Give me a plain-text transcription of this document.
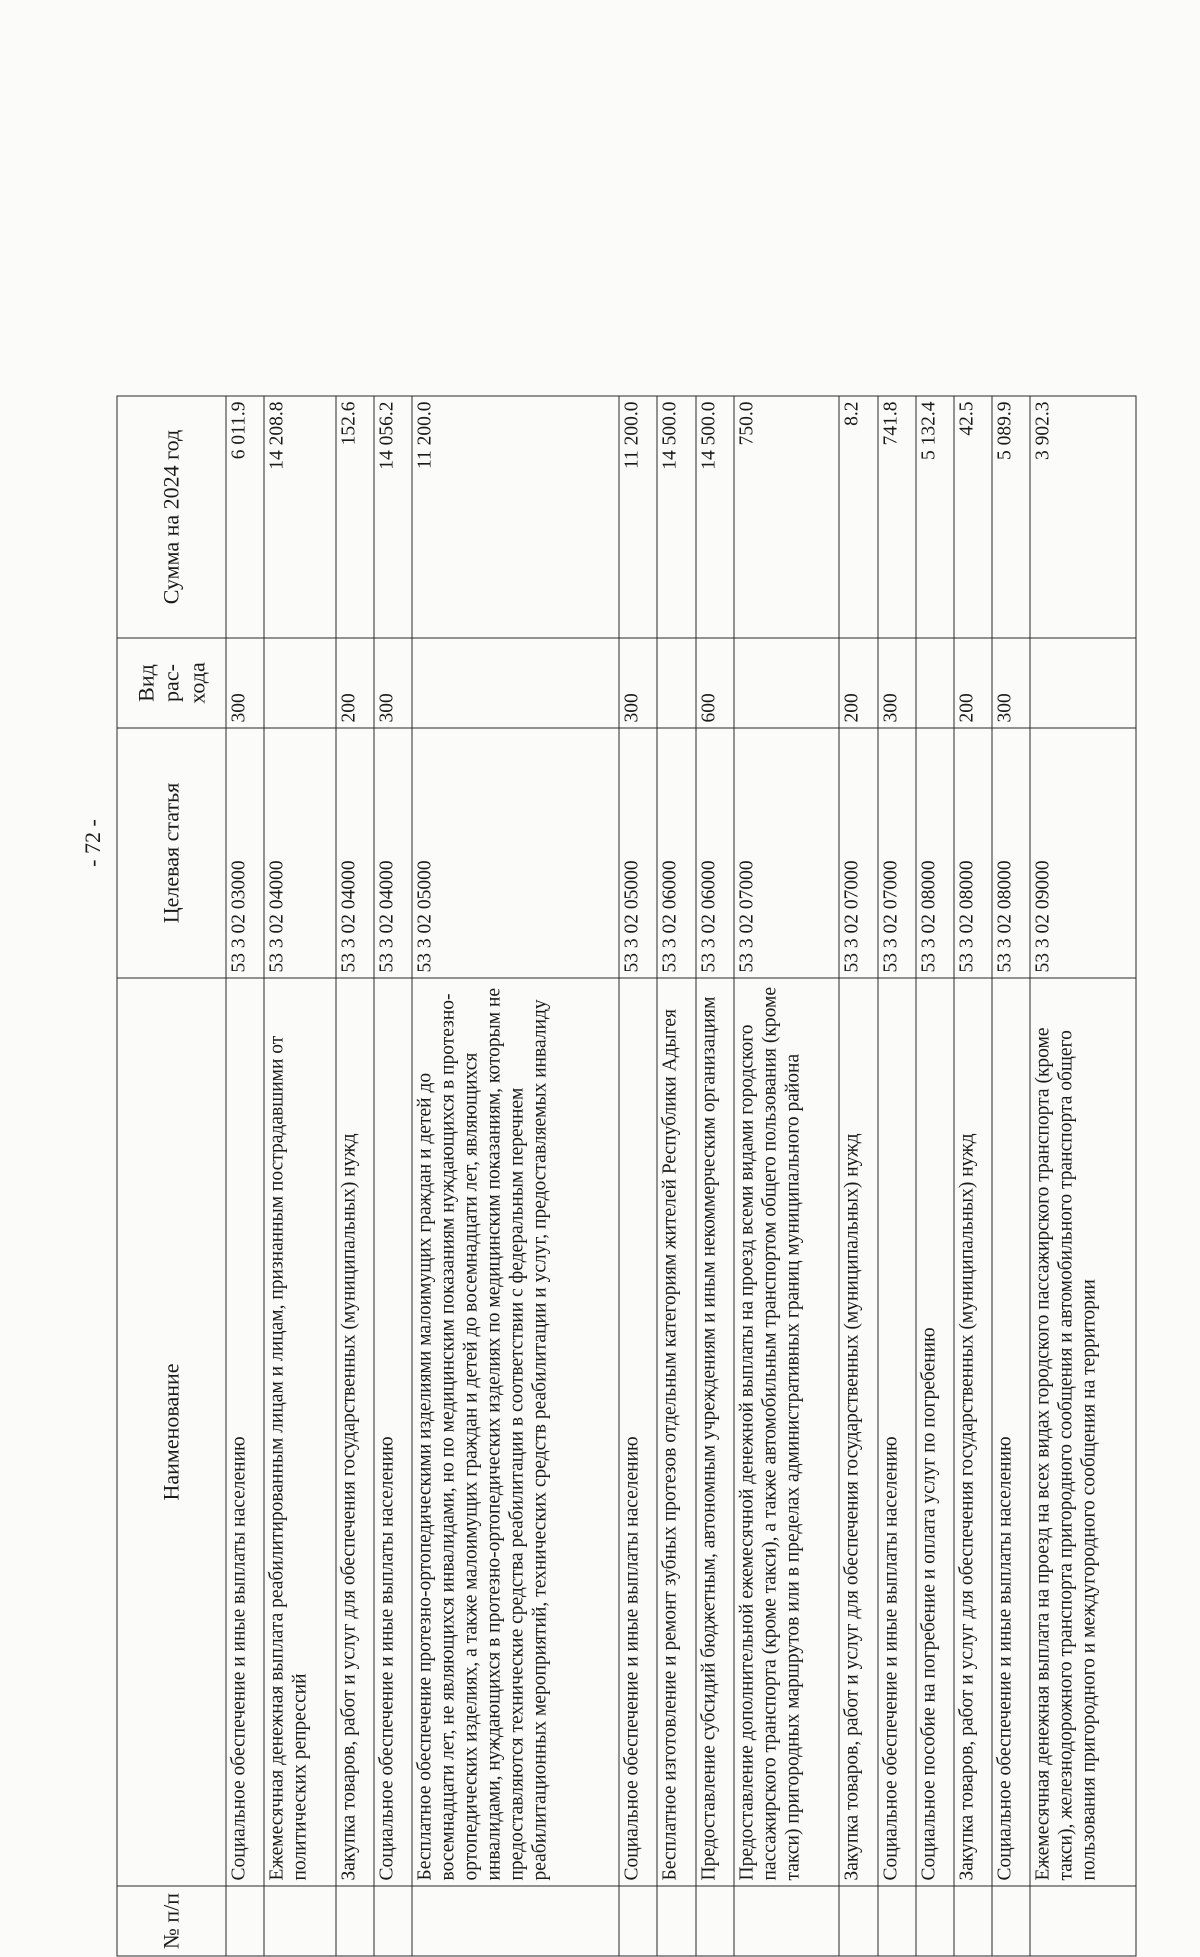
- 72 -
№ п/п	Наименование	Целевая статья	Вид рас-хода	Сумма на 2024 год
	Социальное обеспечение и иные выплаты населению	53 3 02 03000	300	6 011.9
	Ежемесячная денежная выплата реабилитированным лицам и лицам, признанным пострадавшими от политических репрессий	53 3 02 04000		14 208.8
	Закупка товаров, работ и услуг для обеспечения государственных (муниципальных) нужд	53 3 02 04000	200	152.6
	Социальное обеспечение и иные выплаты населению	53 3 02 04000	300	14 056.2
	Бесплатное обеспечение протезно-ортопедическими изделиями малоимущих граждан и детей до восемнадцати лет, не являющихся инвалидами, но по медицинским показаниям нуждающихся в протезно-ортопедических изделиях, а также малоимущих граждан и детей до восемнадцати лет, являющихся инвалидами, нуждающихся в протезно-ортопедических изделиях по медицинским показаниям, которым не предоставляются технические средства реабилитации в соответствии с федеральным перечнем реабилитационных мероприятий, технических средств реабилитации и услуг, предоставляемых инвалиду	53 3 02 05000		11 200.0
	Социальное обеспечение и иные выплаты населению	53 3 02 05000	300	11 200.0
	Бесплатное изготовление и ремонт зубных протезов отдельным категориям жителей Республики Адыгея	53 3 02 06000		14 500.0
	Предоставление субсидий бюджетным, автономным учреждениям и иным некоммерческим организациям	53 3 02 06000	600	14 500.0
	Предоставление дополнительной ежемесячной денежной выплаты на проезд всеми видами городского пассажирского транспорта (кроме такси), а также автомобильным транспортом общего пользования (кроме такси) пригородных маршрутов или в пределах административных границ муниципального района	53 3 02 07000		750.0
	Закупка товаров, работ и услуг для обеспечения государственных (муниципальных) нужд	53 3 02 07000	200	8.2
	Социальное обеспечение и иные выплаты населению	53 3 02 07000	300	741.8
	Социальное пособие на погребение и оплата услуг по погребению	53 3 02 08000		5 132.4
	Закупка товаров, работ и услуг для обеспечения государственных (муниципальных) нужд	53 3 02 08000	200	42.5
	Социальное обеспечение и иные выплаты населению	53 3 02 08000	300	5 089.9
	Ежемесячная денежная выплата на проезд на всех видах городского пассажирского транспорта (кроме такси), железнодорожного транспорта пригородного сообщения и автомобильного транспорта общего пользования пригородного и междугородного сообщения на территории	53 3 02 09000		3 902.3
